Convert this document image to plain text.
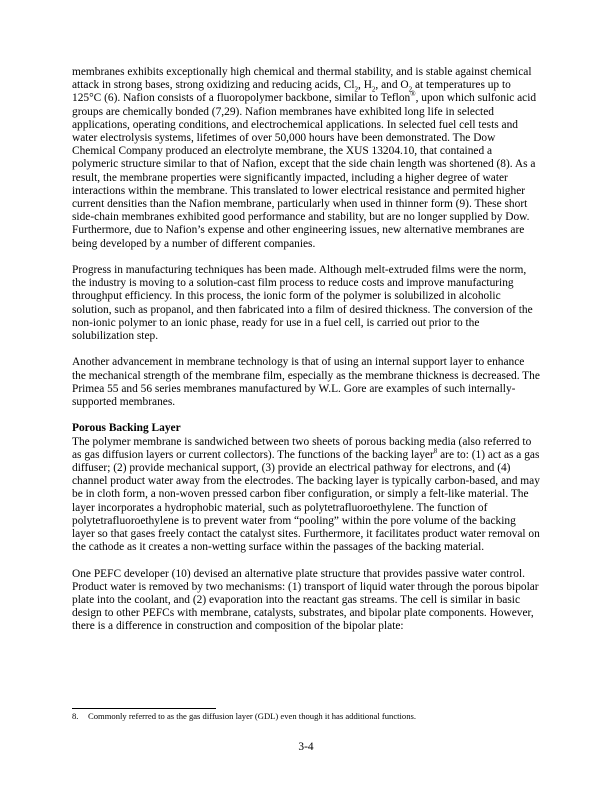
membranes exhibits exceptionally high chemical and thermal stability, and is stable against chemical attack in strong bases, strong oxidizing and reducing acids, $Cl_2$, $H_2$, and $O_2$ at temperatures up to 125°C (6). Nafion consists of a fluoropolymer backbone, similar to Teflon®, upon which sulfonic acid groups are chemically bonded (7,29). Nafion membranes have exhibited long life in selected applications, operating conditions, and electrochemical applications. In selected fuel cell tests and water electrolysis systems, lifetimes of over 50,000 hours have been demonstrated. The Dow Chemical Company produced an electrolyte membrane, the XUS 13204.10, that contained a polymeric structure similar to that of Nafion, except that the side chain length was shortened (8). As a result, the membrane properties were significantly impacted, including a higher degree of water interactions within the membrane. This translated to lower electrical resistance and permited higher current densities than the Nafion membrane, particularly when used in thinner form (9). These short side-chain membranes exhibited good performance and stability, but are no longer supplied by Dow. Furthermore, due to Nafion’s expense and other engineering issues, new alternative membranes are being developed by a number of different companies.

Progress in manufacturing techniques has been made. Although melt-extruded films were the norm, the industry is moving to a solution-cast film process to reduce costs and improve manufacturing throughput efficiency. In this process, the ionic form of the polymer is solubilized in alcoholic solution, such as propanol, and then fabricated into a film of desired thickness. The conversion of the non-ionic polymer to an ionic phase, ready for use in a fuel cell, is carried out prior to the solubilization step.

Another advancement in membrane technology is that of using an internal support layer to enhance the mechanical strength of the membrane film, especially as the membrane thickness is decreased. The Primea 55 and 56 series membranes manufactured by W.L. Gore are examples of such internally-supported membranes.

Porous Backing Layer

The polymer membrane is sandwiched between two sheets of porous backing media (also referred to as gas diffusion layers or current collectors). The functions of the backing layer$^8$ are to: (1) act as a gas diffuser; (2) provide mechanical support, (3) provide an electrical pathway for electrons, and (4) channel product water away from the electrodes. The backing layer is typically carbon-based, and may be in cloth form, a non-woven pressed carbon fiber configuration, or simply a felt-like material. The layer incorporates a hydrophobic material, such as polytetrafluoroethylene. The function of polytetrafluoroethylene is to prevent water from “pooling” within the pore volume of the backing layer so that gases freely contact the catalyst sites. Furthermore, it facilitates product water removal on the cathode as it creates a non-wetting surface within the passages of the backing material.

One PEFC developer (10) devised an alternative plate structure that provides passive water control. Product water is removed by two mechanisms: (1) transport of liquid water through the porous bipolar plate into the coolant, and (2) evaporation into the reactant gas streams. The cell is similar in basic design to other PEFCs with membrane, catalysts, substrates, and bipolar plate components. However, there is a difference in construction and composition of the bipolar plate:

8. Commonly referred to as the gas diffusion layer (GDL) even though it has additional functions.
3-4
